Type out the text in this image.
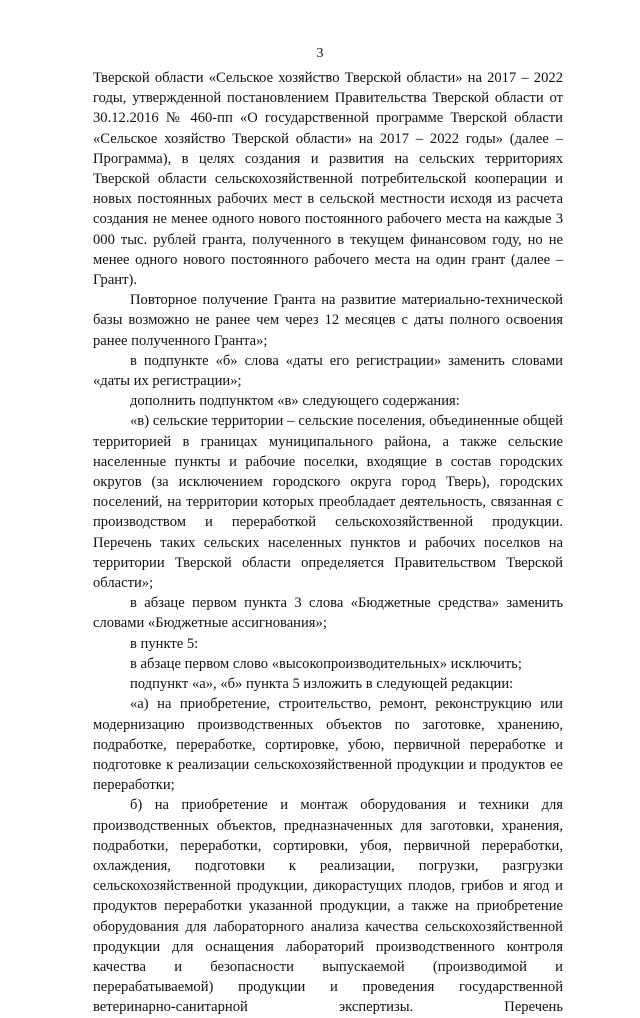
3

Тверской области «Сельское хозяйство Тверской области» на 2017 – 2022 годы, утвержденной постановлением Правительства Тверской области от 30.12.2016 № 460-пп «О государственной программе Тверской области «Сельское хозяйство Тверской области» на 2017 – 2022 годы» (далее – Программа), в целях создания и развития на сельских территориях Тверской области сельскохозяйственной потребительской кооперации и новых постоянных рабочих мест в сельской местности исходя из расчета создания не менее одного нового постоянного рабочего места на каждые 3 000 тыс. рублей гранта, полученного в текущем финансовом году, но не менее одного нового постоянного рабочего места на один грант (далее – Грант).

Повторное получение Гранта на развитие материально-технической базы возможно не ранее чем через 12 месяцев с даты полного освоения ранее полученного Гранта»;

в подпункте «б» слова «даты его регистрации» заменить словами «даты их регистрации»;

дополнить подпунктом «в» следующего содержания:

«в) сельские территории – сельские поселения, объединенные общей территорией в границах муниципального района, а также сельские населенные пункты и рабочие поселки, входящие в состав городских округов (за исключением городского округа город Тверь), городских поселений, на территории которых преобладает деятельность, связанная с производством и переработкой сельскохозяйственной продукции. Перечень таких сельских населенных пунктов и рабочих поселков на территории Тверской области определяется Правительством Тверской области»;

в абзаце первом пункта 3 слова «Бюджетные средства» заменить словами «Бюджетные ассигнования»;

в пункте 5:

в абзаце первом слово «высокопроизводительных» исключить;

подпункт «а», «б» пункта 5 изложить в следующей редакции:

«а) на приобретение, строительство, ремонт, реконструкцию или модернизацию производственных объектов по заготовке, хранению, подработке, переработке, сортировке, убою, первичной переработке и подготовке к реализации сельскохозяйственной продукции и продуктов ее переработки;

б) на приобретение и монтаж оборудования и техники для производственных объектов, предназначенных для заготовки, хранения, подработки, переработки, сортировки, убоя, первичной переработки, охлаждения, подготовки к реализации, погрузки, разгрузки сельскохозяйственной продукции, дикорастущих плодов, грибов и ягод и продуктов переработки указанной продукции, а также на приобретение оборудования для лабораторного анализа качества сельскохозяйственной продукции для оснащения лабораторий производственного контроля качества и безопасности выпускаемой (производимой и перерабатываемой) продукции и проведения государственной ветеринарно-санитарной экспертизы. Перечень
